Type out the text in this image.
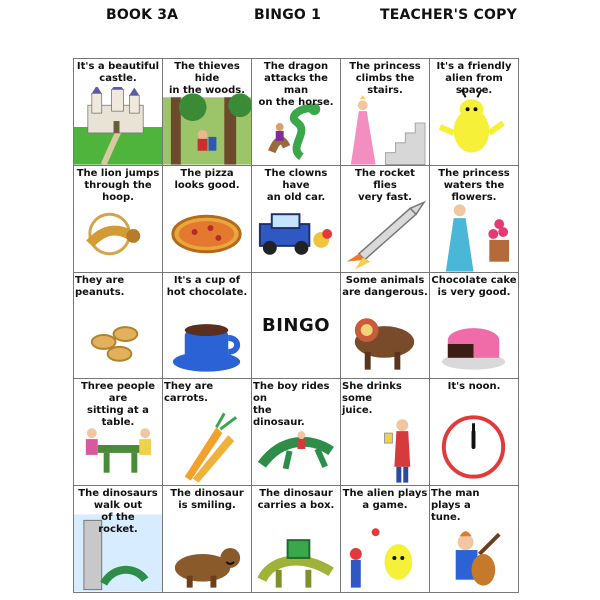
BOOK 3A	BINGO 1	TEACHER'S COPY
It's a beautiful
castle.
The thieves hide
in the woods.
The dragon
attacks the man
on the horse.
The princess
climbs the stairs.
It's a friendly
alien from space.
The lion jumps
through the hoop.
The pizza
looks good.
The clowns have
an old car.
The rocket flies
very fast.
The princess
waters the flowers.
They are peanuts.
It's a cup of
hot chocolate.
BINGO
Some animals
are dangerous.
Chocolate cake
is very good.
Three people are
sitting at a table.
They are carrots.
The boy rides on
the
dinosaur.
She drinks
some
juice.
It's noon.
The dinosaurs
walk out
of the
rocket.
The dinosaur
is smiling.
The dinosaur
carries a box.
The alien plays
a game.
The man
plays a
tune.
